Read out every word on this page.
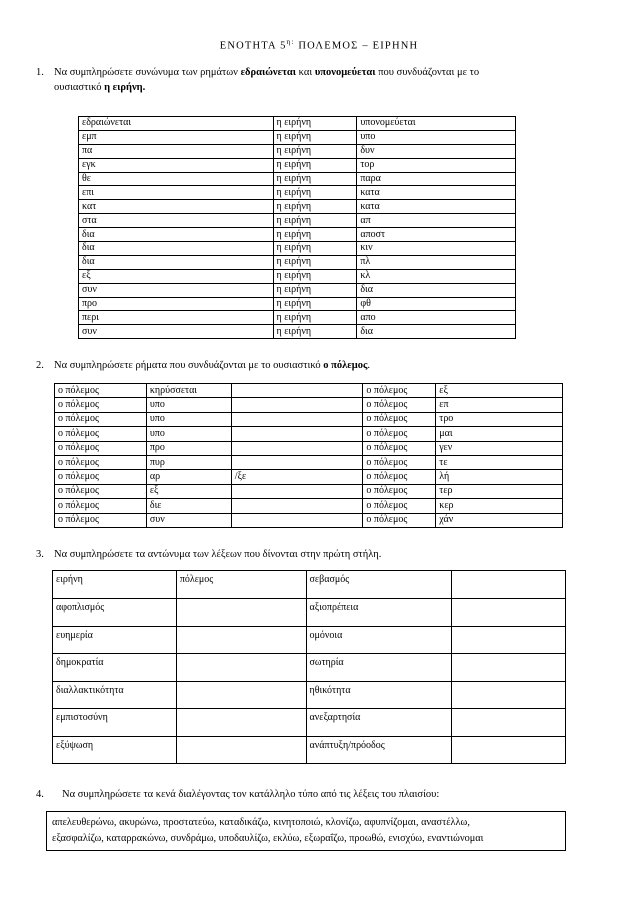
ΕΝΟΤΗΤΑ $5^{\eta:}$ ΠΟΛΕΜΟΣ – ΕΙΡΗΝΗ
1. Να συμπληρώσετε συνώνυμα των ρημάτων εδραιώνεται και υπονομεύεται που συνδυάζονται με το
ουσιαστικό η ειρήνη.
εδραιώνεται	η ειρήνη	υπονομεύεται
εμπ	η ειρήνη	υπο
πα	η ειρήνη	δυν
εγκ	η ειρήνη	τορ
θε	η ειρήνη	παρα
επι	η ειρήνη	κατα
κατ	η ειρήνη	κατα
στα	η ειρήνη	απ
δια	η ειρήνη	αποστ
δια	η ειρήνη	κιν
δια	η ειρήνη	πλ
εξ	η ειρήνη	κλ
συν	η ειρήνη	δια
προ	η ειρήνη	φθ
περι	η ειρήνη	απο
συν	η ειρήνη	δια
2. Να συμπληρώσετε ρήματα που συνδυάζονται με το ουσιαστικό ο πόλεμος.
ο πόλεμος	κηρύσσεται		ο πόλεμος	εξ
ο πόλεμος	υπο		ο πόλεμος	επ
ο πόλεμος	υπο		ο πόλεμος	τρο
ο πόλεμος	υπο		ο πόλεμος	μαι
ο πόλεμος	προ		ο πόλεμος	γεν
ο πόλεμος	πυρ		ο πόλεμος	τε
ο πόλεμος	αρ	/ξε	ο πόλεμος	λή
ο πόλεμος	εξ		ο πόλεμος	τερ
ο πόλεμος	διε		ο πόλεμος	κερ
ο πόλεμος	συν		ο πόλεμος	χάν
3. Να συμπληρώσετε τα αντώνυμα των λέξεων που δίνονται στην πρώτη στήλη.
ειρήνη	πόλεμος	σεβασμός	
αφοπλισμός		αξιοπρέπεια	
ευημερία		ομόνοια	
δημοκρατία		σωτηρία	
διαλλακτικότητα		ηθικότητα	
εμπιστοσύνη		ανεξαρτησία	
εξύψωση		ανάπτυξη/πρόοδος	
4. Να συμπληρώσετε τα κενά διαλέγοντας τον κατάλληλο τύπο από τις λέξεις του πλαισίου:
απελευθερώνω, ακυρώνω, προστατεύω, καταδικάζω, κινητοποιώ, κλονίζω, αφυπνίζομαι, αναστέλλω,
εξασφαλίζω, καταρρακώνω, συνδράμω, υποδαυλίζω, εκλύω, εξωραΐζω, προωθώ, ενισχύω, εναντιώνομαι
